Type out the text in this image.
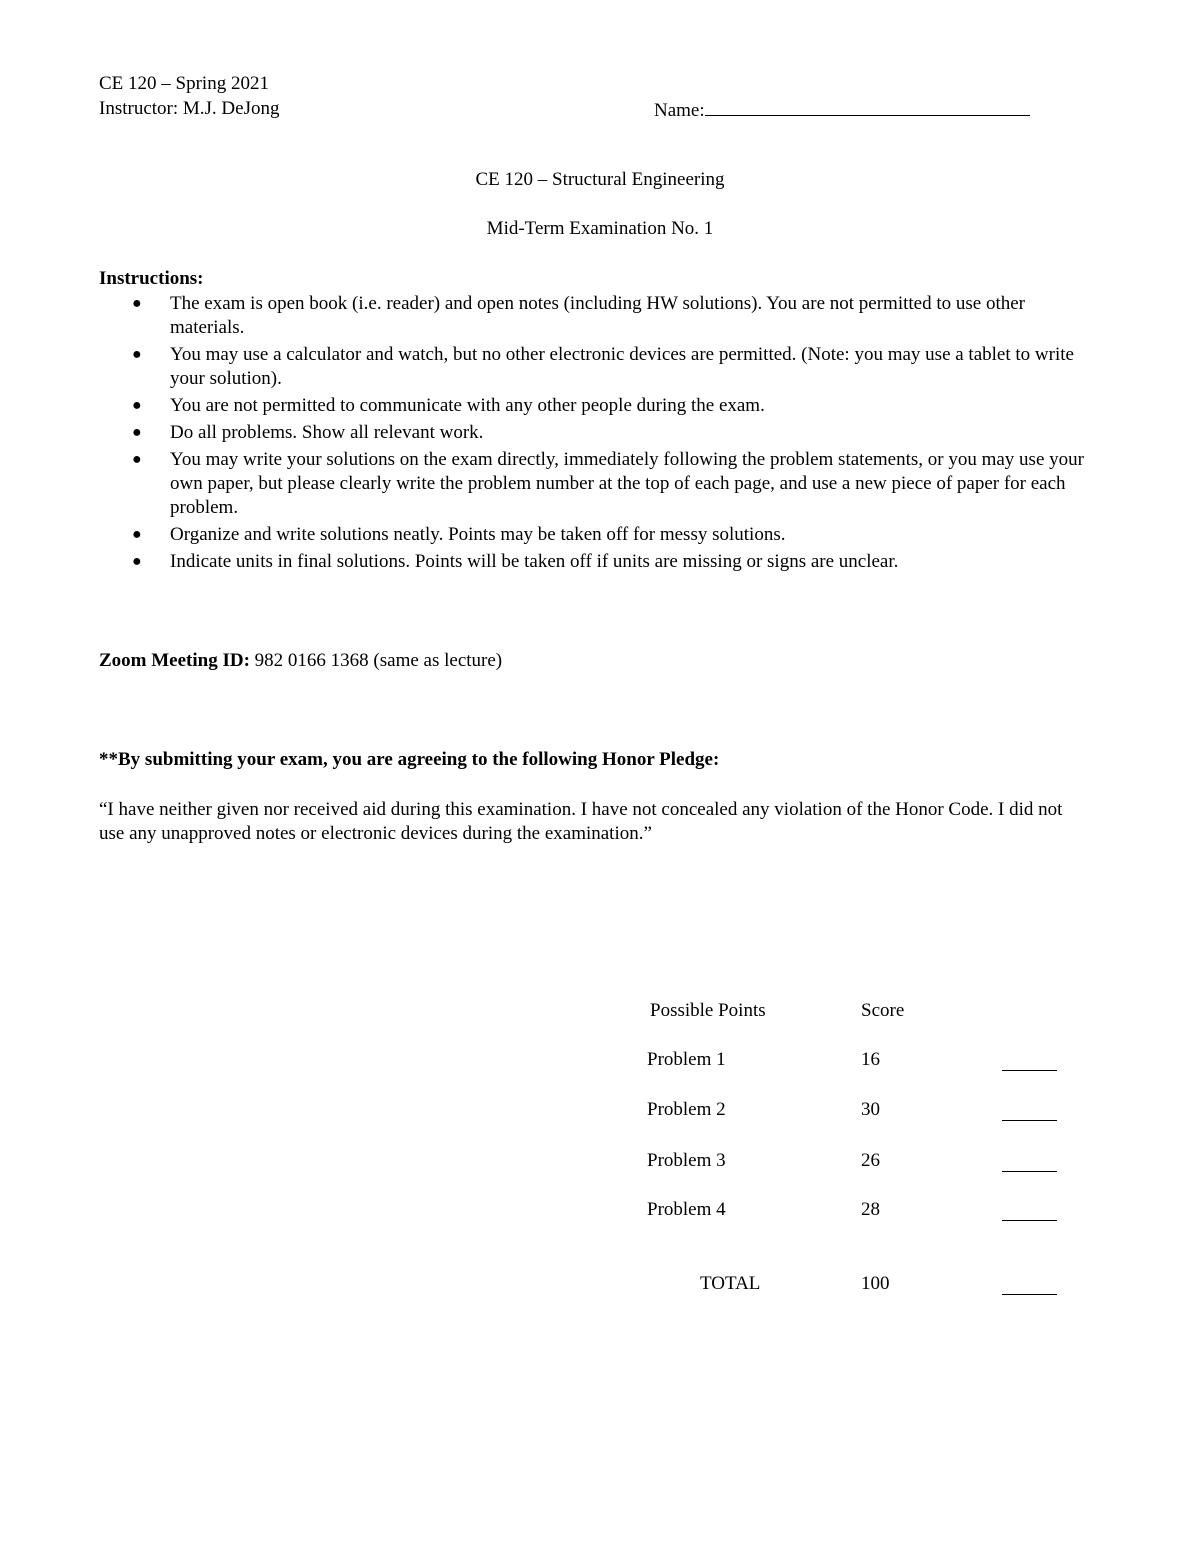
CE 120 – Spring 2021
Instructor: M.J. DeJong	Name:
CE 120 – Structural Engineering
Mid-Term Examination No. 1
Instructions:
● The exam is open book (i.e. reader) and open notes (including HW solutions). You are not permitted to use other materials.
● You may use a calculator and watch, but no other electronic devices are permitted. (Note: you may use a tablet to write your solution).
● You are not permitted to communicate with any other people during the exam.
● Do all problems. Show all relevant work.
● You may write your solutions on the exam directly, immediately following the problem statements, or you may use your own paper, but please clearly write the problem number at the top of each page, and use a new piece of paper for each problem.
● Organize and write solutions neatly. Points may be taken off for messy solutions.
● Indicate units in final solutions. Points will be taken off if units are missing or signs are unclear.
Zoom Meeting ID: 982 0166 1368 (same as lecture)
**By submitting your exam, you are agreeing to the following Honor Pledge:
“I have neither given nor received aid during this examination. I have not concealed any violation of the Honor Code. I did not use any unapproved notes or electronic devices during the examination.”
Possible Points	Score
Problem 1	16
Problem 2	30
Problem 3	26
Problem 4	28
TOTAL	100
